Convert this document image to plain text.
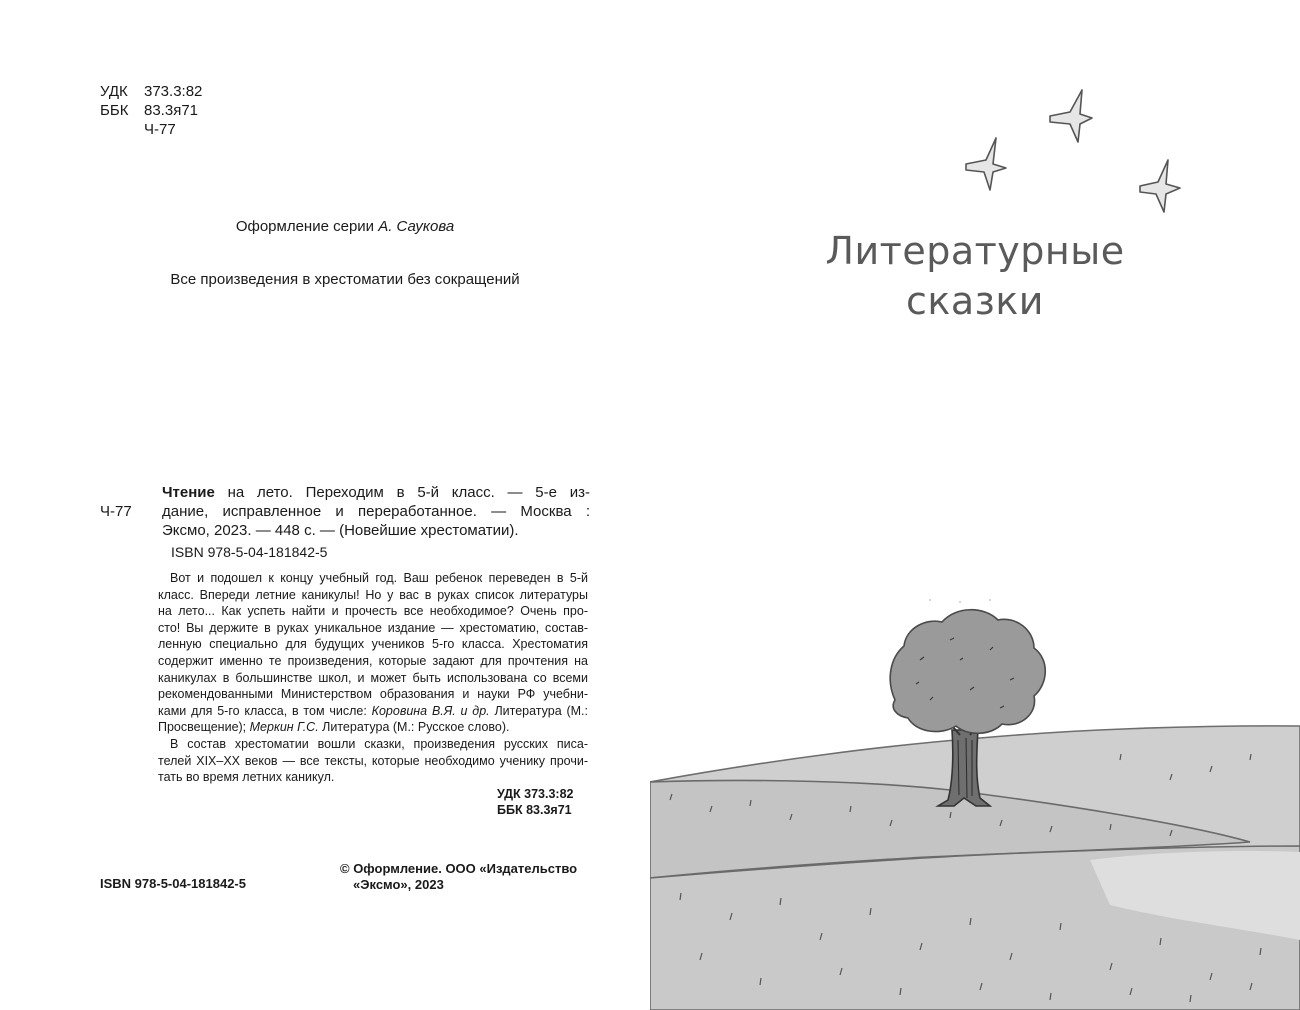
УДК	373.3:82
ББК	83.3я71
Ч-77
Оформление серии А. Саукова
Все произведения в хрестоматии без сокращений
Ч-77
Чтение на лето. Переходим в 5-й класс. — 5-е из-
дание, исправленное и переработанное. — Москва :
Эксмо, 2023. — 448 с. — (Новейшие хрестоматии).
ISBN 978-5-04-181842-5

Вот и подошел к концу учебный год. Ваш ребенок переведен в 5-й
класс. Впереди летние каникулы! Но у вас в руках список литературы
на лето... Как успеть найти и прочесть все необходимое? Очень про-
сто! Вы держите в руках уникальное издание — хрестоматию, состав-
ленную специально для будущих учеников 5-го класса. Хрестоматия
содержит именно те произведения, которые задают для прочтения на
каникулах в большинстве школ, и может быть использована со всеми
рекомендованными Министерством образования и науки РФ учебни-
ками для 5-го класса, в том числе: Коровина В.Я. и др. Литература (М.:
Просвещение); Меркин Г.С. Литература (М.: Русское слово).

В состав хрестоматии вошли сказки, произведения русских писа-
телей XIX–XX веков — все тексты, которые необходимо ученику прочи-
тать во время летних каникул.

УДК 373.3:82
ББК 83.3я71
ISBN 978-5-04-181842-5
© Оформление. ООО «Издательство
«Эксмо», 2023
Литературные
сказки
